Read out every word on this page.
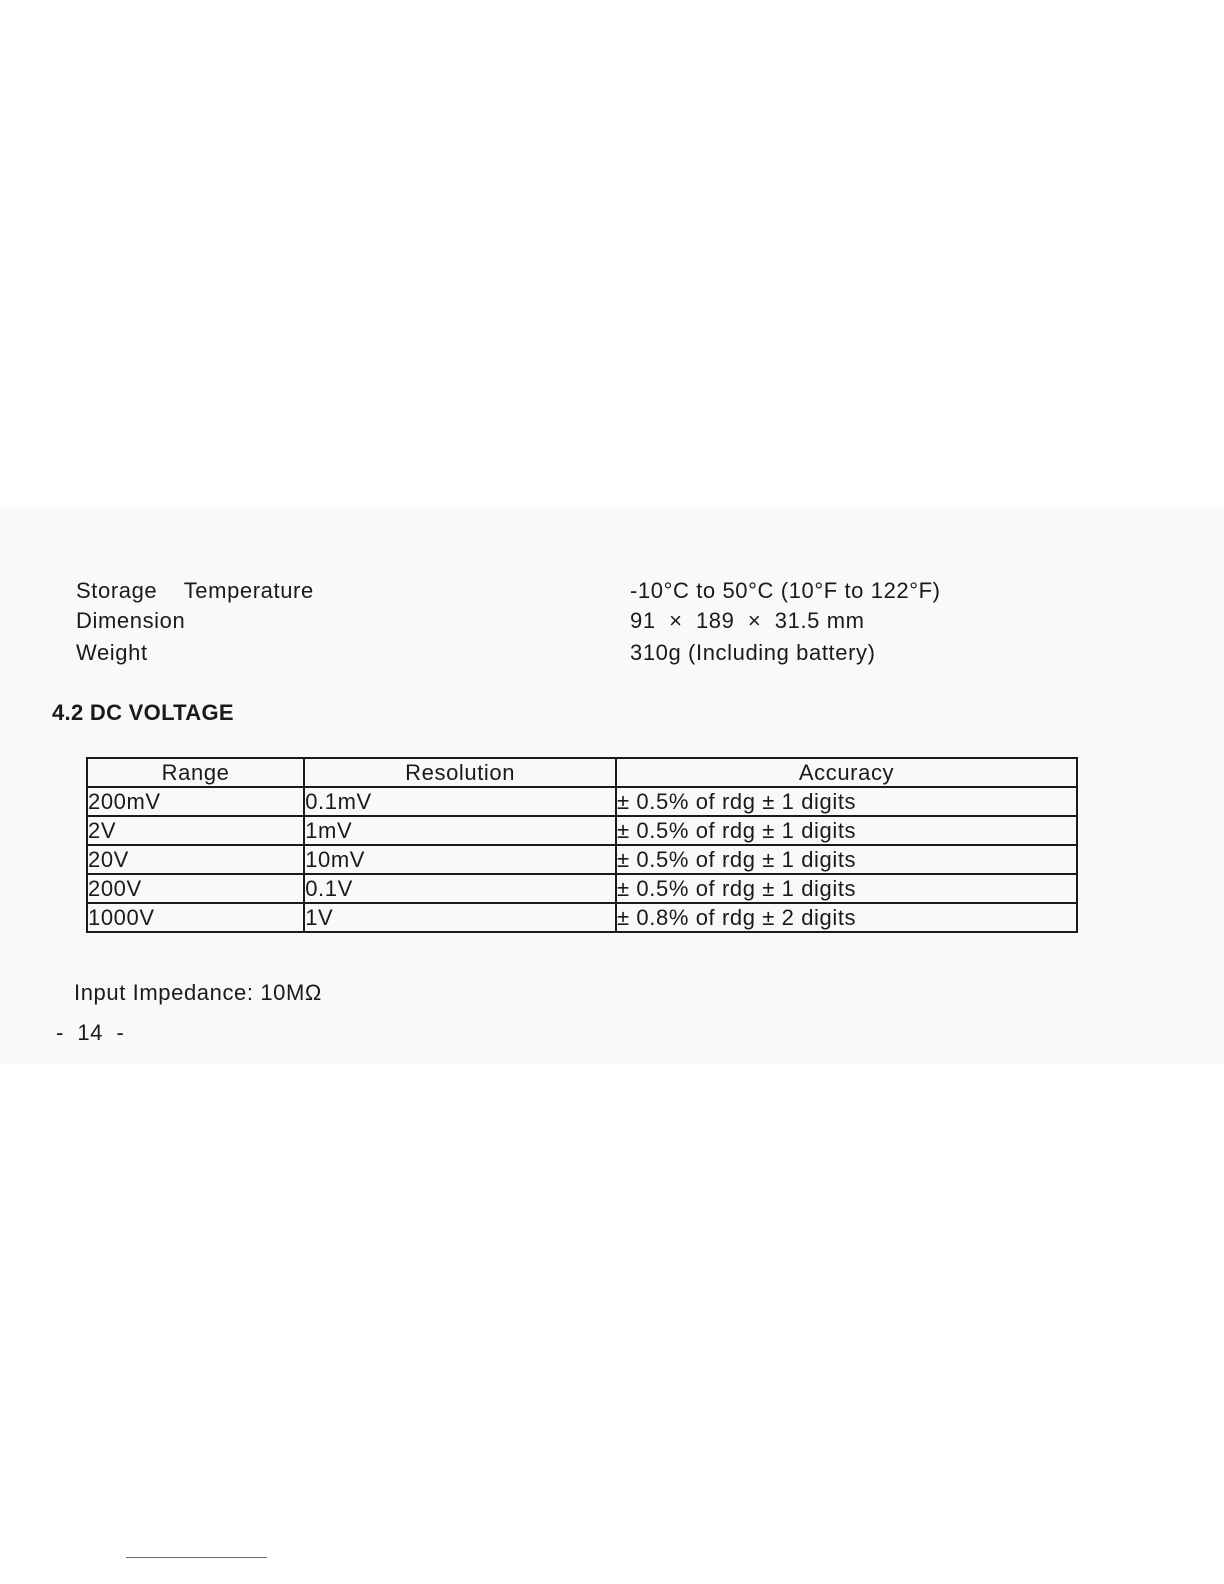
Storage    Temperature	-10°C to 50°C (10°F to 122°F)
Dimension	91  ×  189  ×  31.5 mm
Weight	310g (Including battery)
4.2 DC VOLTAGE
Range	Resolution	Accuracy
200mV	0.1mV	± 0.5% of rdg ± 1 digits
2V	1mV	± 0.5% of rdg ± 1 digits
20V	10mV	± 0.5% of rdg ± 1 digits
200V	0.1V	± 0.5% of rdg ± 1 digits
1000V	1V	± 0.8% of rdg ± 2 digits
Input Impedance: 10MΩ
-  14  -
